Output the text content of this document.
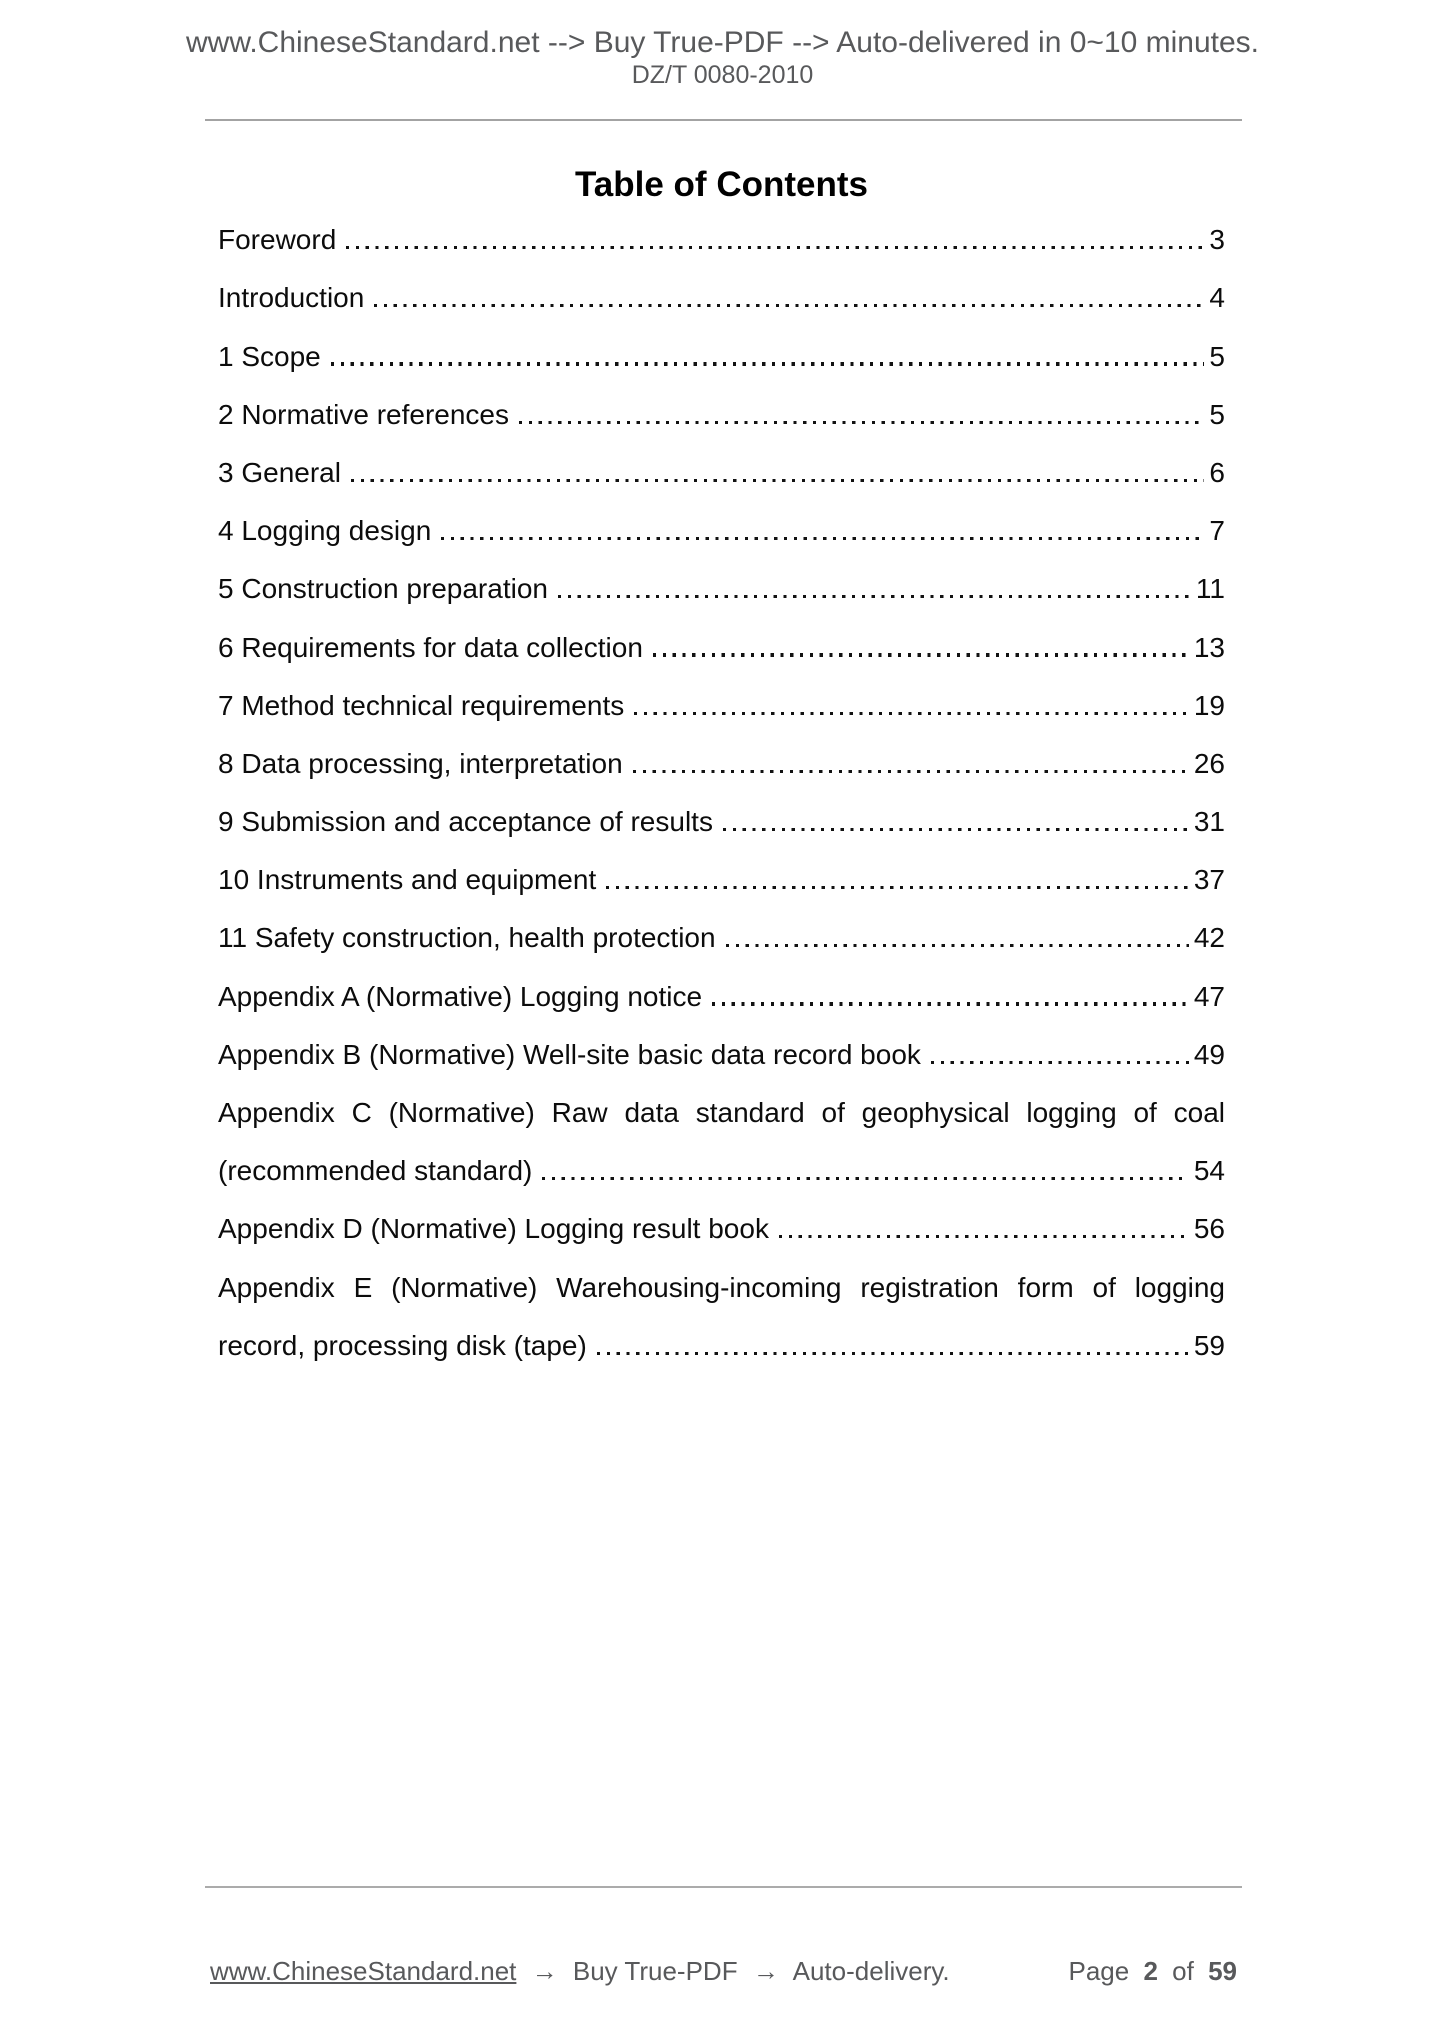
www.ChineseStandard.net --> Buy True-PDF --> Auto-delivered in 0~10 minutes.
DZ/T 0080-2010
Table of Contents
Foreword	3
Introduction	4
1 Scope	5
2 Normative references	5
3 General	6
4 Logging design	7
5 Construction preparation	11
6 Requirements for data collection	13
7 Method technical requirements	19
8 Data processing, interpretation	26
9 Submission and acceptance of results	31
10 Instruments and equipment	37
11 Safety construction, health protection	42
Appendix A (Normative) Logging notice	47
Appendix B (Normative) Well-site basic data record book	49
Appendix C (Normative) Raw data standard of geophysical logging of coal
(recommended standard)	54
Appendix D (Normative) Logging result book	56
Appendix E (Normative) Warehousing-incoming registration form of logging
record, processing disk (tape)	59
www.ChineseStandard.net → Buy True-PDF → Auto-delivery.	Page 2 of 59
